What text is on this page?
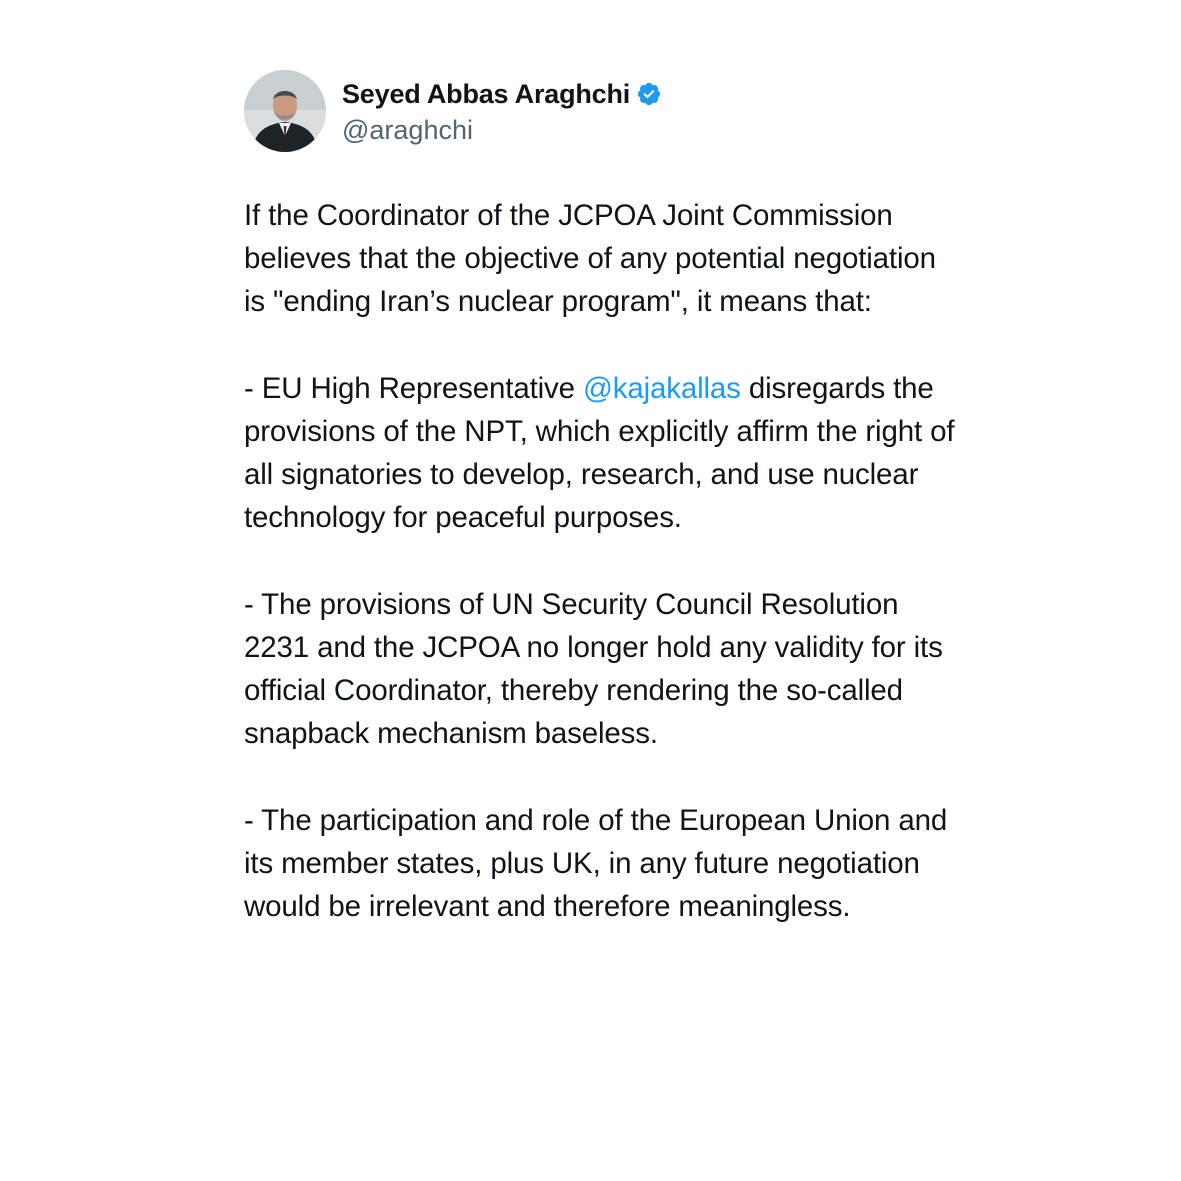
Seyed Abbas Araghchi
@araghchi

If the Coordinator of the JCPOA Joint Commission believes that the objective of any potential negotiation is "ending Iran’s nuclear program", it means that:

- EU High Representative @kajakallas disregards the provisions of the NPT, which explicitly affirm the right of all signatories to develop, research, and use nuclear technology for peaceful purposes.

- The provisions of UN Security Council Resolution 2231 and the JCPOA no longer hold any validity for its official Coordinator, thereby rendering the so-called snapback mechanism baseless.

- The participation and role of the European Union and its member states, plus UK, in any future negotiation would be irrelevant and therefore meaningless.
